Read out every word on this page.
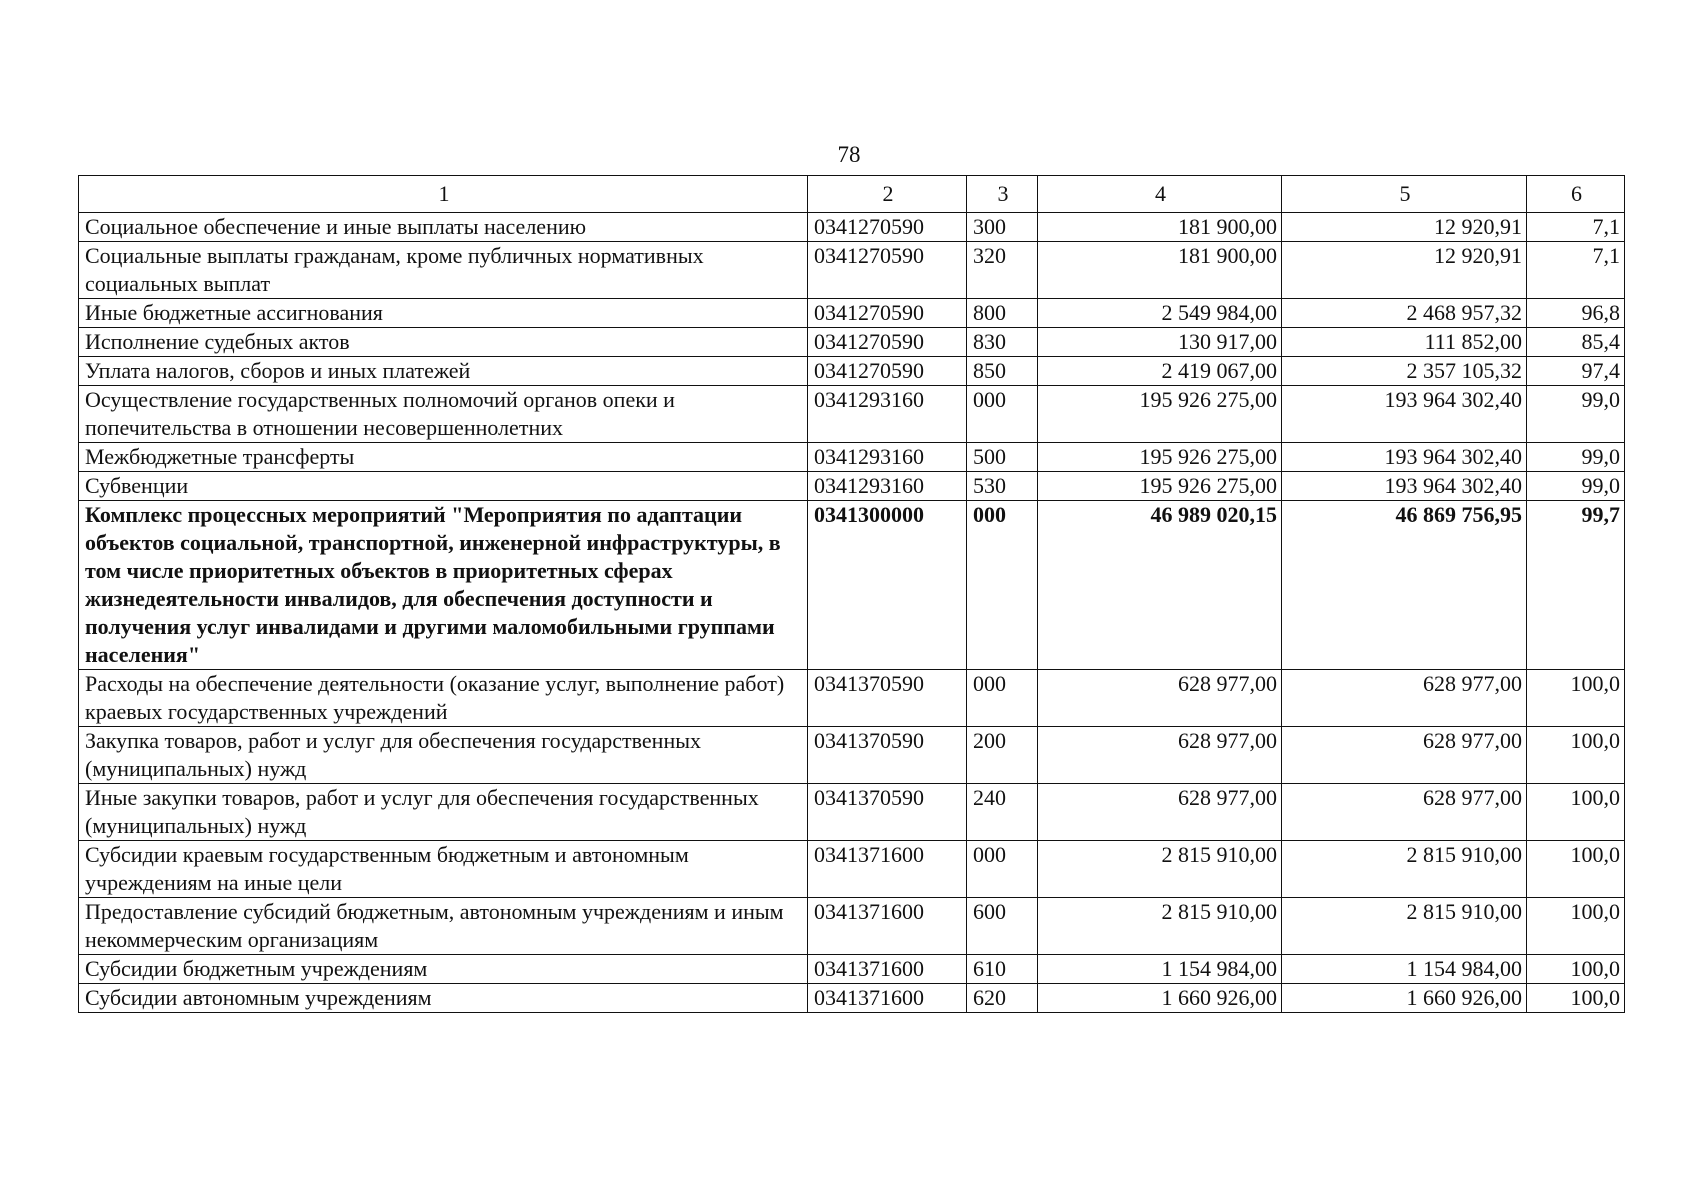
78
1	2	3	4	5	6
Социальное обеспечение и иные выплаты населению	0341270590	300	181 900,00	12 920,91	7,1
Социальные выплаты гражданам, кроме публичных нормативных социальных выплат	0341270590	320	181 900,00	12 920,91	7,1
Иные бюджетные ассигнования	0341270590	800	2 549 984,00	2 468 957,32	96,8
Исполнение судебных актов	0341270590	830	130 917,00	111 852,00	85,4
Уплата налогов, сборов и иных платежей	0341270590	850	2 419 067,00	2 357 105,32	97,4
Осуществление государственных полномочий органов опеки и попечительства в отношении несовершеннолетних	0341293160	000	195 926 275,00	193 964 302,40	99,0
Межбюджетные трансферты	0341293160	500	195 926 275,00	193 964 302,40	99,0
Субвенции	0341293160	530	195 926 275,00	193 964 302,40	99,0
Комплекс процессных мероприятий "Мероприятия по адаптации объектов социальной, транспортной, инженерной инфраструктуры, в том числе приоритетных объектов в приоритетных сферах жизнедеятельности инвалидов, для обеспечения доступности и получения услуг инвалидами и другими маломобильными группами населения"	0341300000	000	46 989 020,15	46 869 756,95	99,7
Расходы на обеспечение деятельности (оказание услуг, выполнение работ) краевых государственных учреждений	0341370590	000	628 977,00	628 977,00	100,0
Закупка товаров, работ и услуг для обеспечения государственных (муниципальных) нужд	0341370590	200	628 977,00	628 977,00	100,0
Иные закупки товаров, работ и услуг для обеспечения государственных (муниципальных) нужд	0341370590	240	628 977,00	628 977,00	100,0
Субсидии краевым государственным бюджетным и автономным учреждениям на иные цели	0341371600	000	2 815 910,00	2 815 910,00	100,0
Предоставление субсидий бюджетным, автономным учреждениям и иным некоммерческим организациям	0341371600	600	2 815 910,00	2 815 910,00	100,0
Субсидии бюджетным учреждениям	0341371600	610	1 154 984,00	1 154 984,00	100,0
Субсидии автономным учреждениям	0341371600	620	1 660 926,00	1 660 926,00	100,0
